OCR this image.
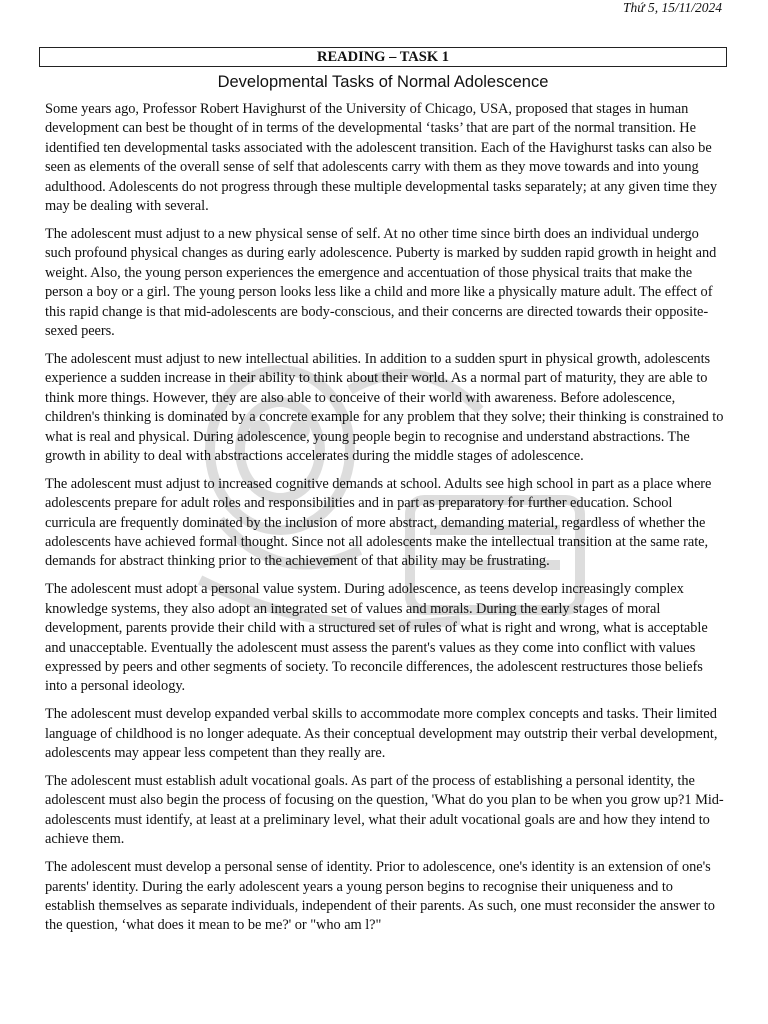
Thứ 5, 15/11/2024
READING – TASK 1
Developmental Tasks of Normal Adolescence

Some years ago, Professor Robert Havighurst of the University of Chicago, USA, proposed that stages in human development can best be thought of in terms of the developmental ‘tasks’ that are part of the normal transition. He identified ten developmental tasks associated with the adolescent transition. Each of the Havighurst tasks can also be seen as elements of the overall sense of self that adolescents carry with them as they move towards and into young adulthood. Adolescents do not progress through these multiple developmental tasks separately; at any given time they may be dealing with several.

The adolescent must adjust to a new physical sense of self. At no other time since birth does an individual undergo such profound physical changes as during early adolescence. Puberty is marked by sudden rapid growth in height and weight. Also, the young person experiences the emergence and accentuation of those physical traits that make the person a boy or a girl. The young person looks less like a child and more like a physically mature adult. The effect of this rapid change is that mid-adolescents are body-conscious, and their concerns are directed towards their opposite-sexed peers.

The adolescent must adjust to new intellectual abilities. In addition to a sudden spurt in physical growth, adolescents experience a sudden increase in their ability to think about their world. As a normal part of maturity, they are able to think more things. However, they are also able to conceive of their world with awareness. Before adolescence, children's thinking is dominated by a concrete example for any problem that they solve; their thinking is constrained to what is real and physical. During adolescence, young people begin to recognise and understand abstractions. The growth in ability to deal with abstractions accelerates during the middle stages of adolescence.

The adolescent must adjust to increased cognitive demands at school. Adults see high school in part as a place where adolescents prepare for adult roles and responsibilities and in part as preparatory for further education. School curricula are frequently dominated by the inclusion of more abstract, demanding material, regardless of whether the adolescents have achieved formal thought. Since not all adolescents make the intellectual transition at the same rate, demands for abstract thinking prior to the achievement of that ability may be frustrating.

The adolescent must adopt a personal value system. During adolescence, as teens develop increasingly complex knowledge systems, they also adopt an integrated set of values and morals. During the early stages of moral development, parents provide their child with a structured set of rules of what is right and wrong, what is acceptable and unacceptable. Eventually the adolescent must assess the parent's values as they come into conflict with values expressed by peers and other segments of society. To reconcile differences, the adolescent restructures those beliefs into a personal ideology.

The adolescent must develop expanded verbal skills to accommodate more complex concepts and tasks. Their limited language of childhood is no longer adequate. As their conceptual development may outstrip their verbal development, adolescents may appear less competent than they really are.

The adolescent must establish adult vocational goals. As part of the process of establishing a personal identity, the adolescent must also begin the process of focusing on the question, 'What do you plan to be when you grow up?1 Mid-adolescents must identify, at least at a preliminary level, what their adult vocational goals are and how they intend to achieve them.

The adolescent must develop a personal sense of identity. Prior to adolescence, one's identity is an extension of one's parents' identity. During the early adolescent years a young person begins to recognise their uniqueness and to establish themselves as separate individuals, independent of their parents. As such, one must reconsider the answer to the question, ‘what does it mean to be me?' or "who am l?"
